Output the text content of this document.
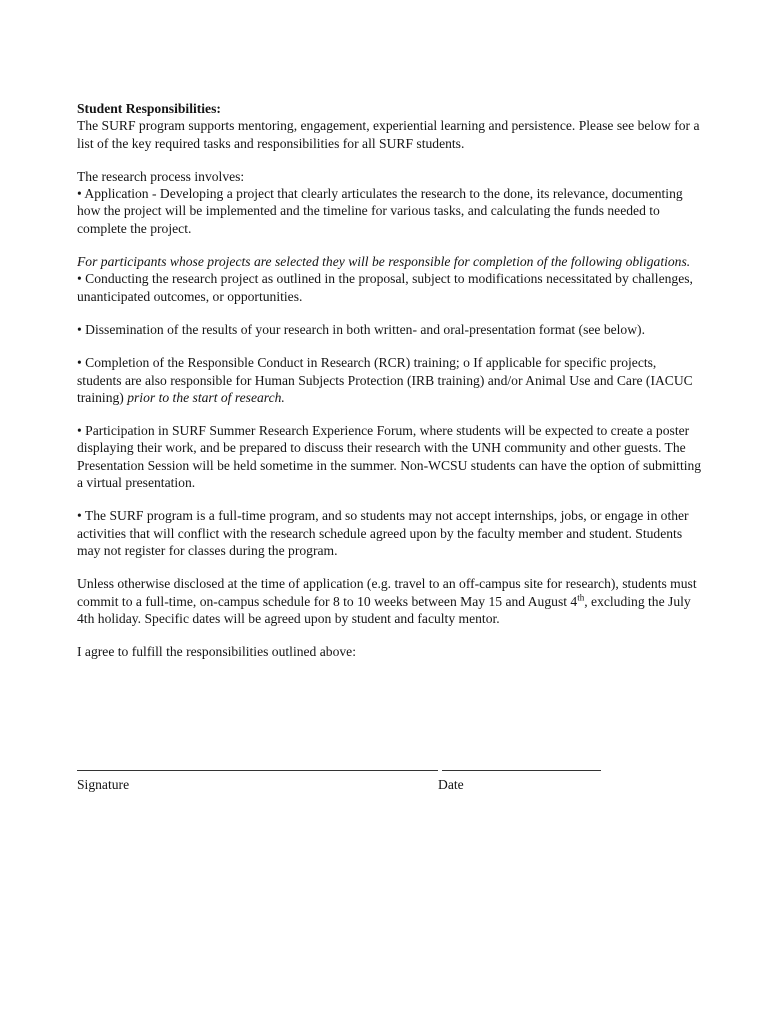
Student Responsibilities:

The SURF program supports mentoring, engagement, experiential learning and persistence. Please see below for a list of the key required tasks and responsibilities for all SURF students.

The research process involves:

• Application - Developing a project that clearly articulates the research to the done, its relevance, documenting how the project will be implemented and the timeline for various tasks, and calculating the funds needed to complete the project.

For participants whose projects are selected they will be responsible for completion of the following obligations.

• Conducting the research project as outlined in the proposal, subject to modifications necessitated by challenges, unanticipated outcomes, or opportunities.

• Dissemination of the results of your research in both written- and oral-presentation format (see below).

• Completion of the Responsible Conduct in Research (RCR) training; o If applicable for specific projects, students are also responsible for Human Subjects Protection (IRB training) and/or Animal Use and Care (IACUC training) prior to the start of research.

• Participation in SURF Summer Research Experience Forum, where students will be expected to create a poster displaying their work, and be prepared to discuss their research with the UNH community and other guests. The Presentation Session will be held sometime in the summer. Non-WCSU students can have the option of submitting a virtual presentation.

• The SURF program is a full-time program, and so students may not accept internships, jobs, or engage in other activities that will conflict with the research schedule agreed upon by the faculty member and student. Students may not register for classes during the program.

Unless otherwise disclosed at the time of application (e.g. travel to an off-campus site for research), students must commit to a full-time, on-campus schedule for 8 to 10 weeks between May 15 and August 4th, excluding the July 4th holiday. Specific dates will be agreed upon by student and faculty mentor.

I agree to fulfill the responsibilities outlined above:

Signature	Date
